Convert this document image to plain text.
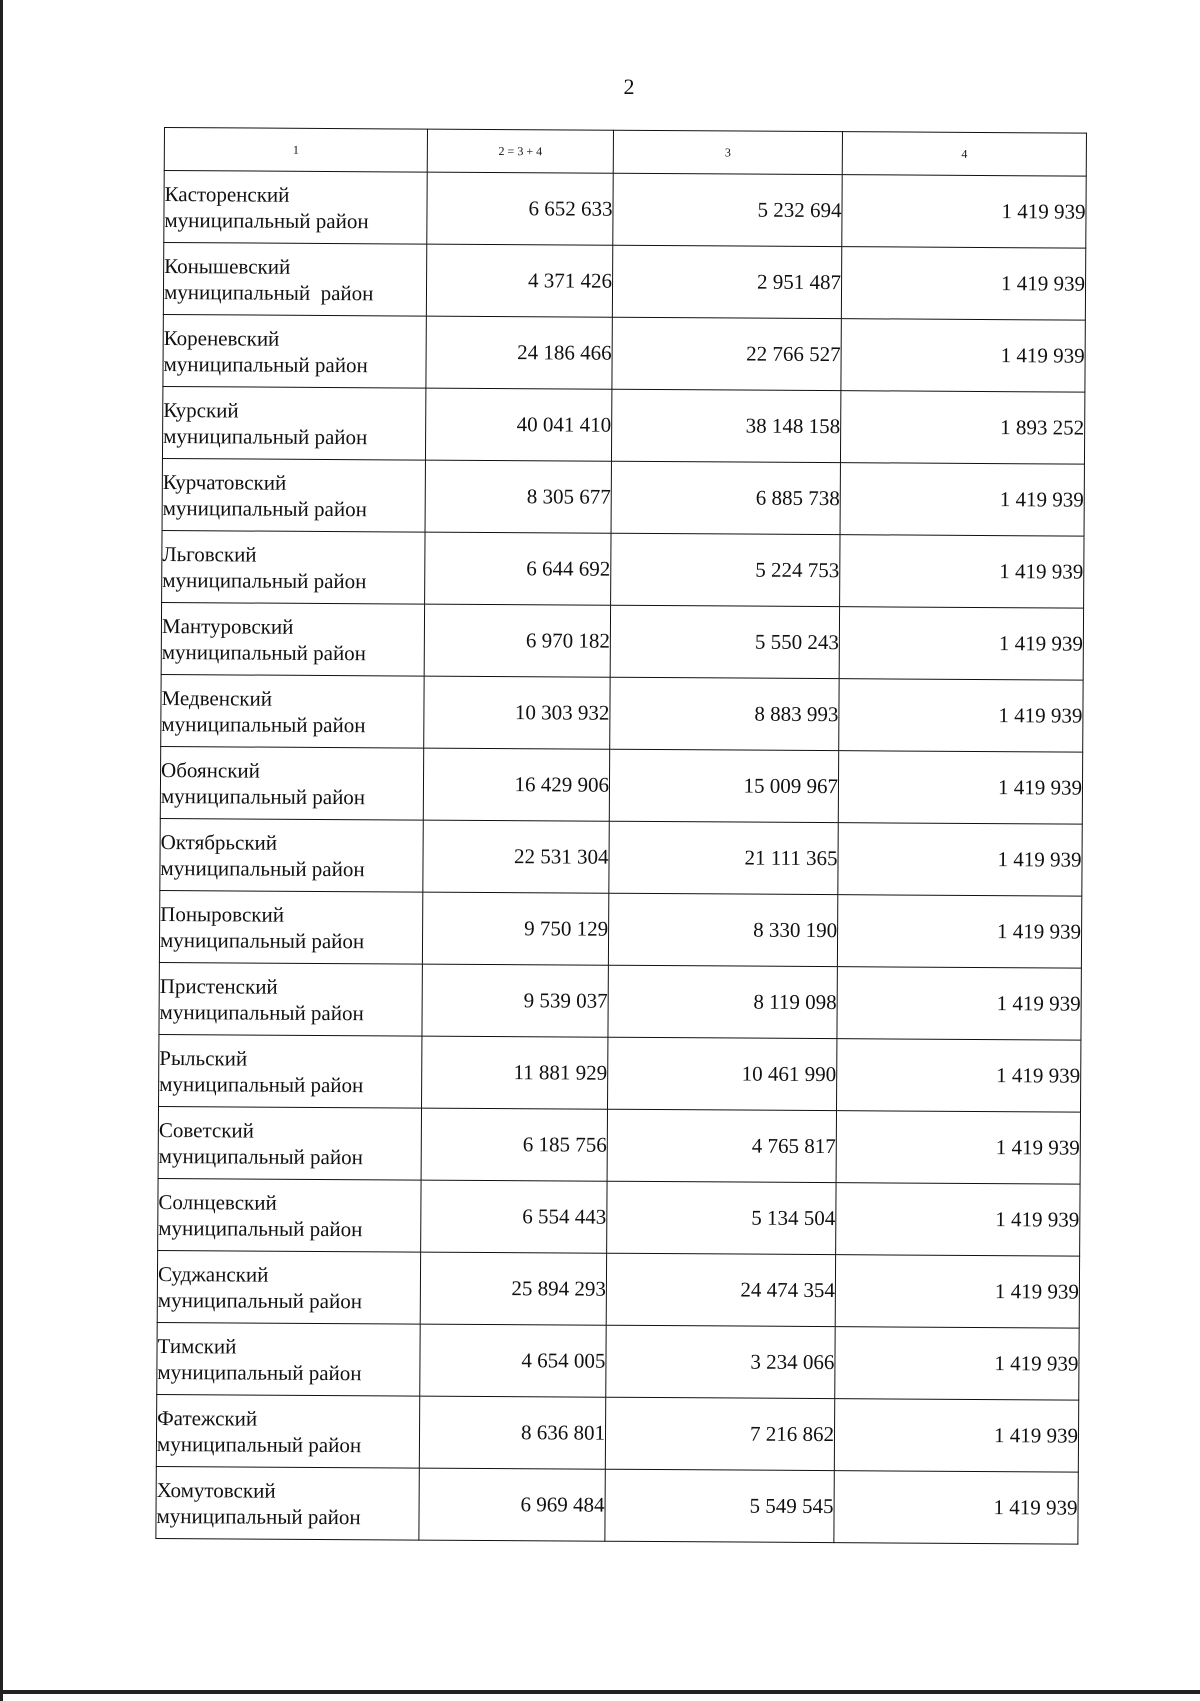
2
1	2 = 3 + 4	3	4

Касторенский
муниципальный район	6 652 633	5 232 694	1 419 939

Конышевский
муниципальный  район	4 371 426	2 951 487	1 419 939

Кореневский
муниципальный район	24 186 466	22 766 527	1 419 939

Курский
муниципальный район	40 041 410	38 148 158	1 893 252

Курчатовский
муниципальный район	8 305 677	6 885 738	1 419 939

Льговский
муниципальный район	6 644 692	5 224 753	1 419 939

Мантуровский
муниципальный район	6 970 182	5 550 243	1 419 939

Медвенский
муниципальный район	10 303 932	8 883 993	1 419 939

Обоянский
муниципальный район	16 429 906	15 009 967	1 419 939

Октябрьский
муниципальный район	22 531 304	21 111 365	1 419 939

Поныровский
муниципальный район	9 750 129	8 330 190	1 419 939

Пристенский
муниципальный район	9 539 037	8 119 098	1 419 939

Рыльский
муниципальный район	11 881 929	10 461 990	1 419 939

Советский
муниципальный район	6 185 756	4 765 817	1 419 939

Солнцевский
муниципальный район	6 554 443	5 134 504	1 419 939

Суджанский
муниципальный район	25 894 293	24 474 354	1 419 939

Тимский
муниципальный район	4 654 005	3 234 066	1 419 939

Фатежский
муниципальный район	8 636 801	7 216 862	1 419 939

Хомутовский
муниципальный район	6 969 484	5 549 545	1 419 939
